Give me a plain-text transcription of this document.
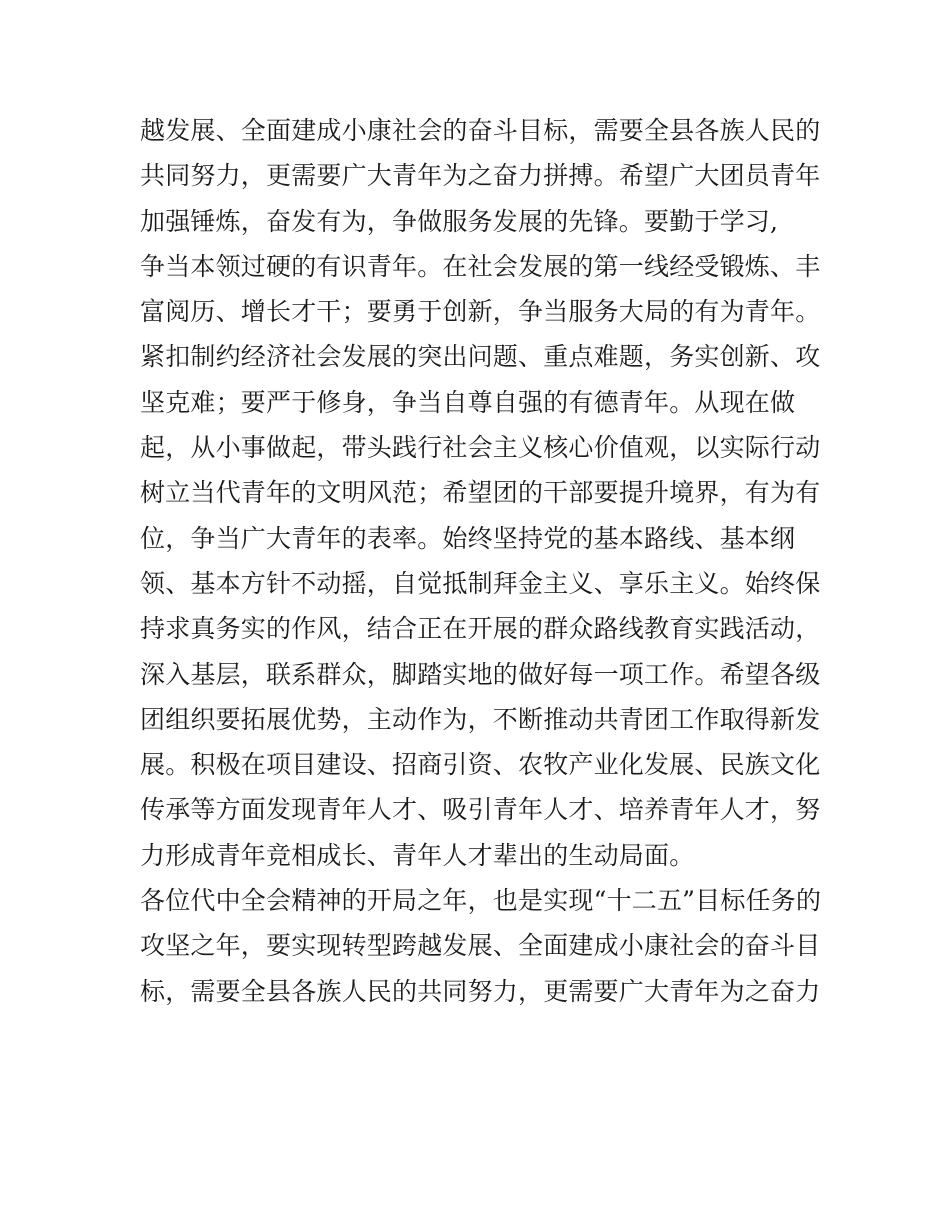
越发展、全面建成小康社会的奋斗目标，需要全县各族人民的
共同努力，更需要广大青年为之奋力拼搏。希望广大团员青年
加强锤炼，奋发有为，争做服务发展的先锋。要勤于学习,
争当本领过硬的有识青年。在社会发展的第一线经受锻炼、丰
富阅历、增长才干；要勇于创新，争当服务大局的有为青年。
紧扣制约经济社会发展的突出问题、重点难题，务实创新、攻
坚克难；要严于修身，争当自尊自强的有德青年。从现在做
起，从小事做起，带头践行社会主义核心价值观，以实际行动
树立当代青年的文明风范；希望团的干部要提升境界，有为有
位，争当广大青年的表率。始终坚持党的基本路线、基本纲
领、基本方针不动摇，自觉抵制拜金主义、享乐主义。始终保
持求真务实的作风，结合正在开展的群众路线教育实践活动，
深入基层，联系群众，脚踏实地的做好每一项工作。希望各级
团组织要拓展优势，主动作为，不断推动共青团工作取得新发
展。积极在项目建设、招商引资、农牧产业化发展、民族文化
传承等方面发现青年人才、吸引青年人才、培养青年人才，努
力形成青年竞相成长、青年人才辈出的生动局面。
各位代中全会精神的开局之年，也是实现“十二五”目标任务的
攻坚之年，要实现转型跨越发展、全面建成小康社会的奋斗目
标，需要全县各族人民的共同努力，更需要广大青年为之奋力
